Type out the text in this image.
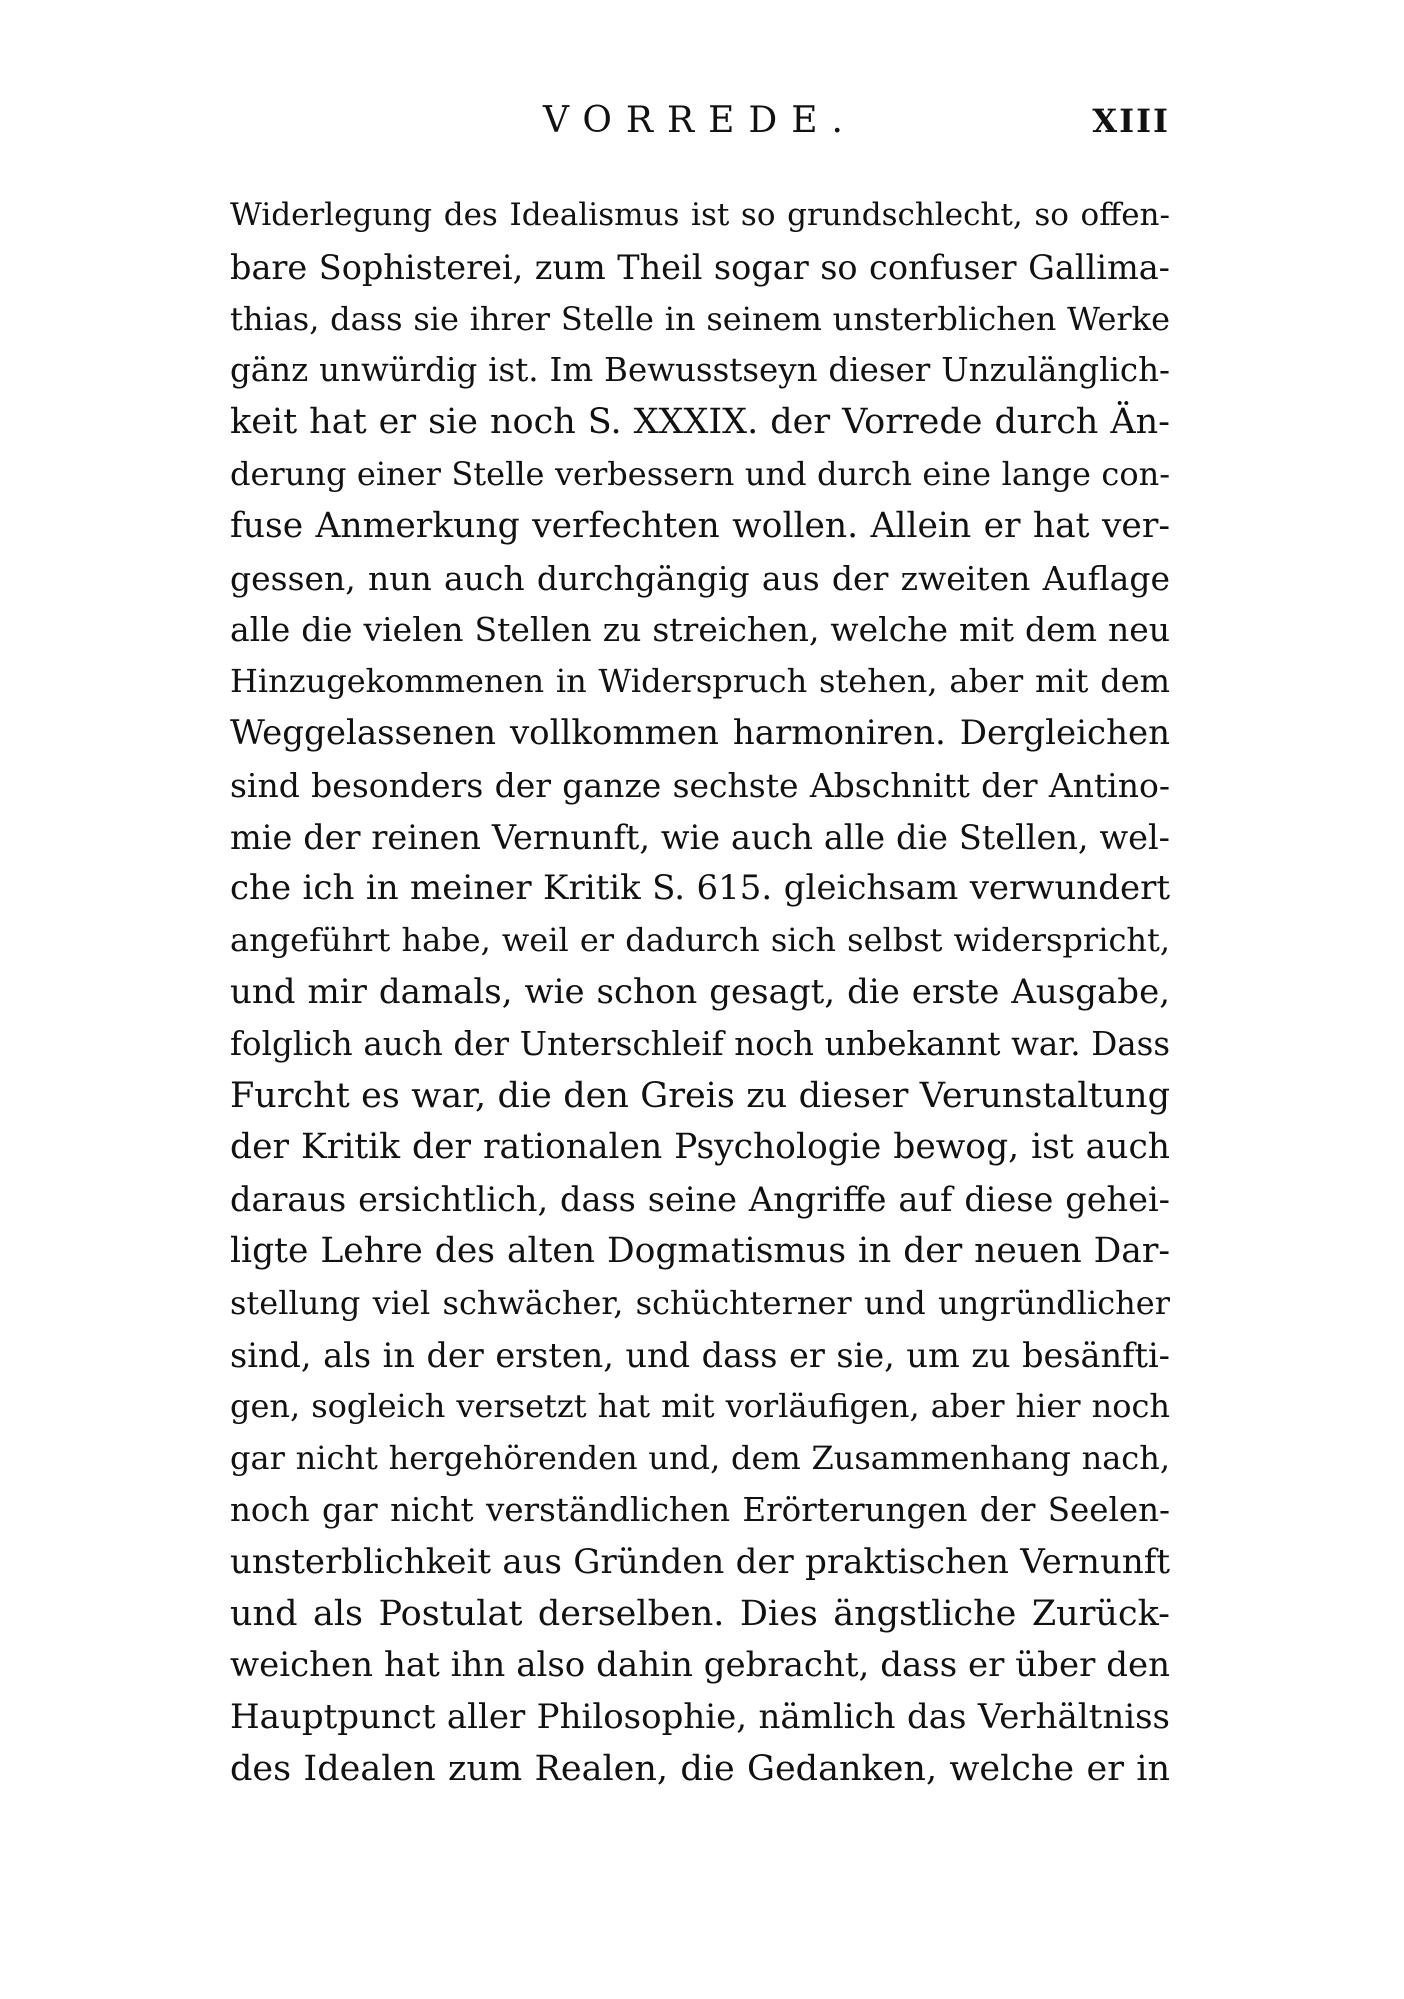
VORREDE.	XIII
Widerlegung des Idealismus ist so grundschlecht, so offen-
bare Sophisterei, zum Theil sogar so confuser Gallima-
thias, dass sie ihrer Stelle in seinem unsterblichen Werke
gänz unwürdig ist. Im Bewusstseyn dieser Unzulänglich-
keit hat er sie noch S. XXXIX. der Vorrede durch Än-
derung einer Stelle verbessern und durch eine lange con-
fuse Anmerkung verfechten wollen. Allein er hat ver-
gessen, nun auch durchgängig aus der zweiten Auflage
alle die vielen Stellen zu streichen, welche mit dem neu
Hinzugekommenen in Widerspruch stehen, aber mit dem
Weggelassenen vollkommen harmoniren. Dergleichen
sind besonders der ganze sechste Abschnitt der Antino-
mie der reinen Vernunft, wie auch alle die Stellen, wel-
che ich in meiner Kritik S. 615. gleichsam verwundert
angeführt habe, weil er dadurch sich selbst widerspricht,
und mir damals, wie schon gesagt, die erste Ausgabe,
folglich auch der Unterschleif noch unbekannt war. Dass
Furcht es war, die den Greis zu dieser Verunstaltung
der Kritik der rationalen Psychologie bewog, ist auch
daraus ersichtlich, dass seine Angriffe auf diese gehei-
ligte Lehre des alten Dogmatismus in der neuen Dar-
stellung viel schwächer, schüchterner und ungründlicher
sind, als in der ersten, und dass er sie, um zu besänfti-
gen, sogleich versetzt hat mit vorläufigen, aber hier noch
gar nicht hergehörenden und, dem Zusammenhang nach,
noch gar nicht verständlichen Erörterungen der Seelen-
unsterblichkeit aus Gründen der praktischen Vernunft
und als Postulat derselben. Dies ängstliche Zurück-
weichen hat ihn also dahin gebracht, dass er über den
Hauptpunct aller Philosophie, nämlich das Verhältniss
des Idealen zum Realen, die Gedanken, welche er in
